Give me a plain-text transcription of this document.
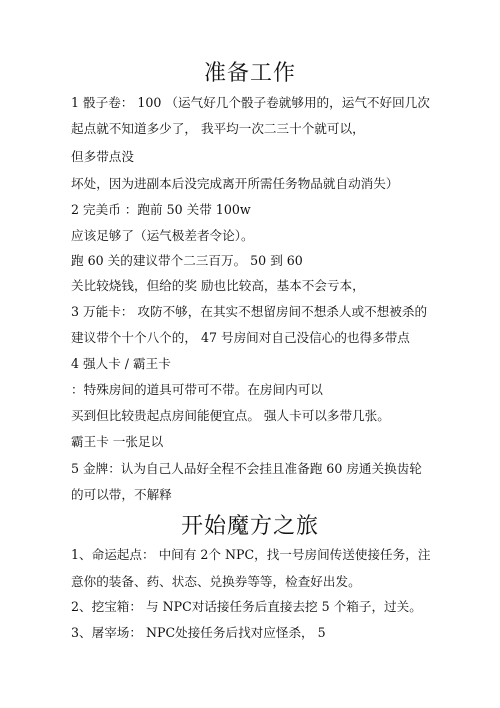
准备工作
1 骰子卷： 100 （运气好几个骰子卷就够用的，运气不好回几次
起点就不知道多少了， 我平均一次二三十个就可以，
但多带点没
坏处，因为进副本后没完成离开所需任务物品就自动消失）
2 完美币 ：跑前 50 关带 100w
应该足够了（运气极差者令论）。
跑 60 关的建议带个二三百万。 50 到 60
关比较烧钱，但给的奖 励也比较高，基本不会亏本，
3 万能卡： 攻防不够，在其实不想留房间不想杀人或不想被杀的
建议带个十个八个的， 47 号房间对自己没信心的也得多带点
4 强人卡 / 霸王卡
：特殊房间的道具可带可不带。在房间内可以
买到但比较贵起点房间能便宜点。 强人卡可以多带几张。
霸王卡 一张足以
5 金牌：认为自己人品好全程不会挂且准备跑 60 房通关换齿轮
的可以带，不解释
开始魔方之旅
1、命运起点： 中间有 2个 NPC，找一号房间传送使接任务，注
意你的装备、药、状态、兑换券等等，检查好出发。
2、挖宝箱： 与 NPC对话接任务后直接去挖 5 个箱子，过关。
3、屠宰场： NPC处接任务后找对应怪杀， 5
